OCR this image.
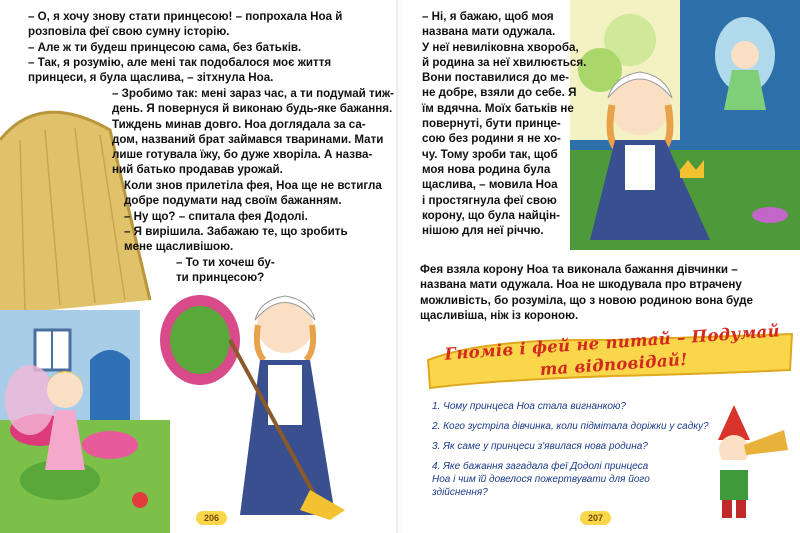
– О, я хочу знову стати принцесою! – попрохала Ноа й
розповіла феї свою сумну історію.
– Але ж ти будеш принцесою сама, без батьків.
– Так, я розумію, але мені так подобалося моє життя
принцеси, я була щаслива, – зітхнула Ноа.
– Зробимо так: мені зараз час, а ти подумай тиж-
день. Я повернуся й виконаю будь-яке бажання.
Тиждень минав довго. Ноа доглядала за са-
дом, названий брат займався тваринами. Мати
лише готувала їжу, бо дуже хворіла. А назва-
ний батько продавав урожай.
Коли знов прилетіла фея, Ноа ще не встигла
добре подумати над своїм бажанням.
– Ну що? – спитала фея Додолі.
– Я вирішила. Забажаю те, що зробить
мене щасливішою.
– То ти хочеш бу-
ти принцесою?
206
– Ні, я бажаю, щоб моя
названа мати одужала.
У неї невиліковна хвороба,
й родина за неї хвилюється.
Вони поставилися до ме-
не добре, взяли до себе. Я
їм вдячна. Моїх батьків не
повернуті, бути принце-
сою без родини я не хо-
чу. Тому зроби так, щоб
моя нова родина була
щаслива, – мовила Ноа
і простягнула феї свою
корону, що була найцін-
нішою для неї річчю.
Фея взяла корону Ноа та виконала бажання дівчинки –
названа мати одужала. Ноа не шкодувала про втрачену
можливість, бо розуміла, що з новою родиною вона буде
щасливіша, ніж із короною.
Гномів і фей не питай – Подумай та відповідай!
1. Чому принцеса Ноа стала вигнанкою?
2. Кого зустріла дівчинка, коли підмітала доріжки у садку?
3. Як саме у принцеси з'явилася нова родина?
4. Яке бажання загадала феї Додолі принцеса
Ноа і чим їй довелося пожертвувати для його
здійснення?
207
